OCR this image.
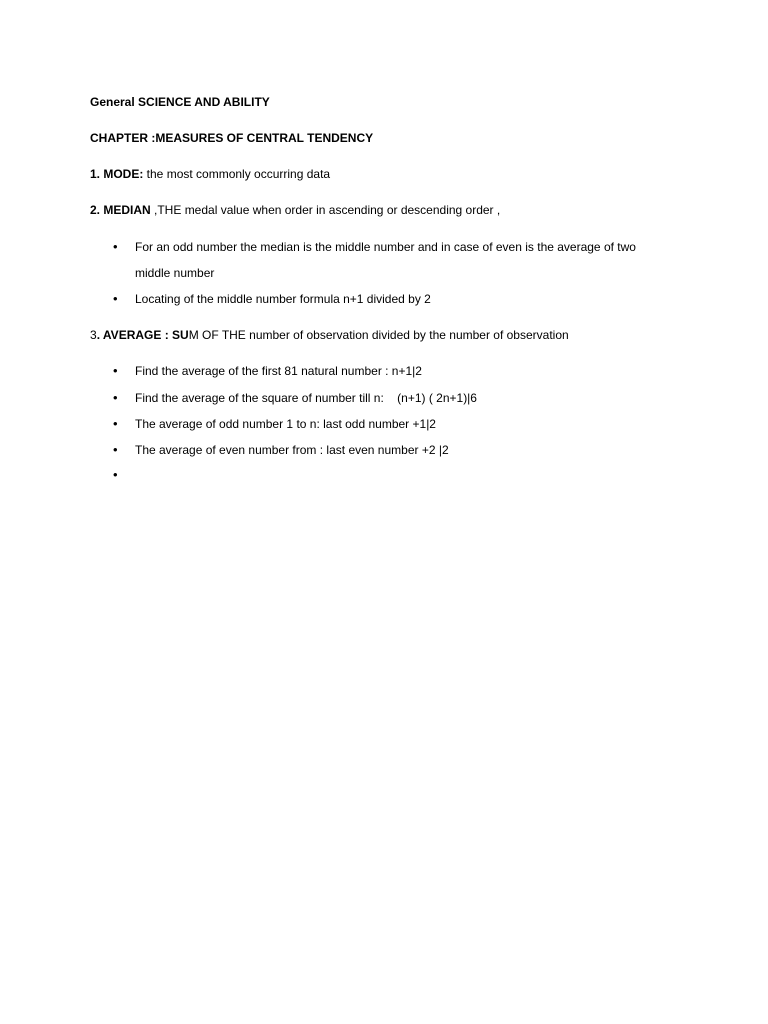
General SCIENCE AND ABILITY
CHAPTER :MEASURES OF CENTRAL TENDENCY
1. MODE: the most commonly occurring data
2. MEDIAN ,THE medal value when order in ascending or descending order ,
•	For an odd number the median is the middle number and in case of even is the average of two middle number
•	Locating of the middle number formula n+1 divided by 2
3. AVERAGE : SUM OF THE number of observation divided by the number of observation
•	Find the average of the first 81 natural number : n+1|2
•	Find the average of the square of number till n:    (n+1) ( 2n+1)|6
•	The average of odd number 1 to n: last odd number +1|2
•	The average of even number from : last even number +2 |2
•
